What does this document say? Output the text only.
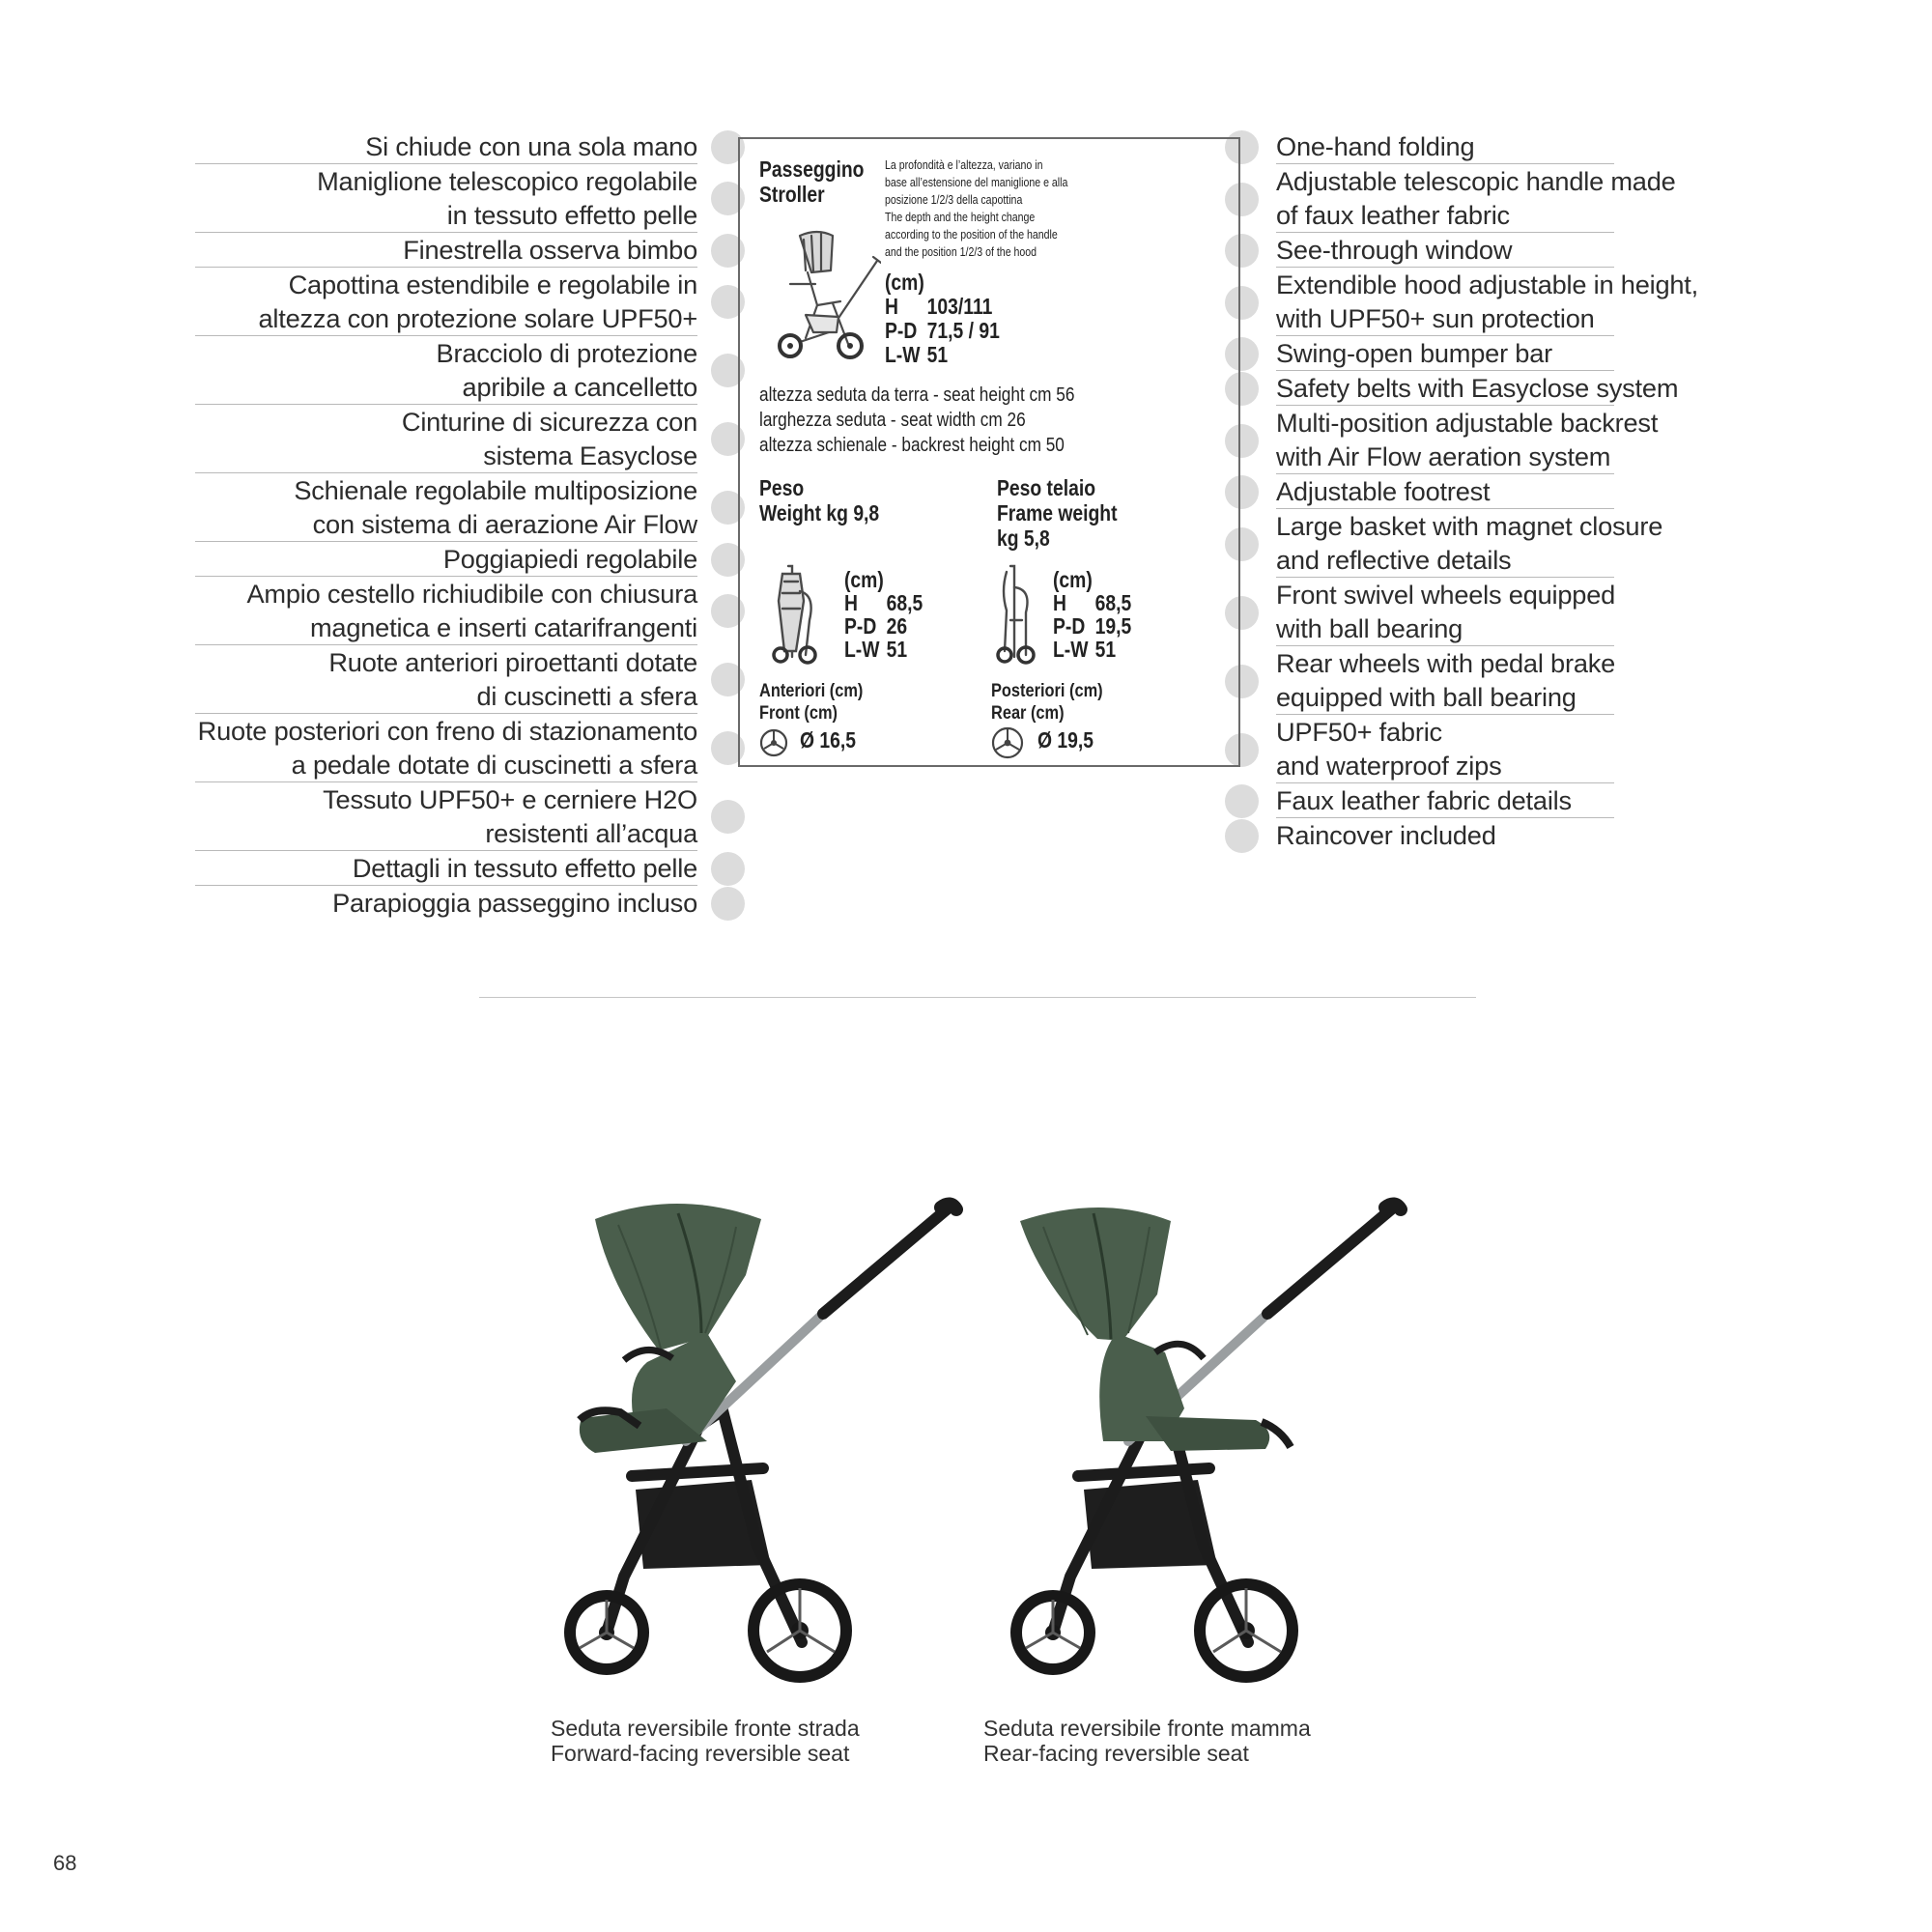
Si chiude con una sola mano
Maniglione telescopico regolabile
in tessuto effetto pelle
Finestrella osserva bimbo
Capottina estendibile e regolabile in
altezza con protezione solare UPF50+
Bracciolo di protezione
apribile a cancelletto
Cinturine di sicurezza con
sistema Easyclose
Schienale regolabile multiposizione
con sistema di aerazione Air Flow
Poggiapiedi regolabile
Ampio cestello richiudibile con chiusura
magnetica e inserti catarifrangenti
Ruote anteriori piroettanti dotate
di cuscinetti a sfera
Ruote posteriori con freno di stazionamento
a pedale dotate di cuscinetti a sfera
Tessuto UPF50+ e cerniere H2O
resistenti all’acqua
Dettagli in tessuto effetto pelle
Parapioggia passeggino incluso
One-hand folding
Adjustable telescopic handle made
of faux leather fabric
See-through window
Extendible hood adjustable in height,
with UPF50+ sun protection
Swing-open bumper bar
Safety belts with Easyclose system
Multi-position adjustable backrest
with Air Flow aeration system
Adjustable footrest
Large basket with magnet closure
and reflective details
Front swivel wheels equipped
with ball bearing
Rear wheels with pedal brake
equipped with ball bearing
UPF50+ fabric
and waterproof zips
Faux leather fabric details
Raincover included
Passeggino
Stroller
La profondità e l’altezza, variano in
base all’estensione del maniglione e alla
posizione 1/2/3 della capottina
The depth and the height change
according to the position of the handle
and the position 1/2/3 of the hood
(cm)
H 103/111
P-D 71,5 / 91
L-W 51
altezza seduta da terra - seat height cm 56
larghezza seduta - seat width cm 26
altezza schienale - backrest height cm 50
Peso
Weight kg 9,8
Peso telaio
Frame weight
kg 5,8
(cm)
H 68,5
P-D 26
L-W 51
(cm)
H 68,5
P-D 19,5
L-W 51
Anteriori (cm)
Front (cm)
Ø 16,5
Posteriori (cm)
Rear (cm)
Ø 19,5
Seduta reversibile fronte strada
Forward-facing reversible seat
Seduta reversibile fronte mamma
Rear-facing reversible seat
68
